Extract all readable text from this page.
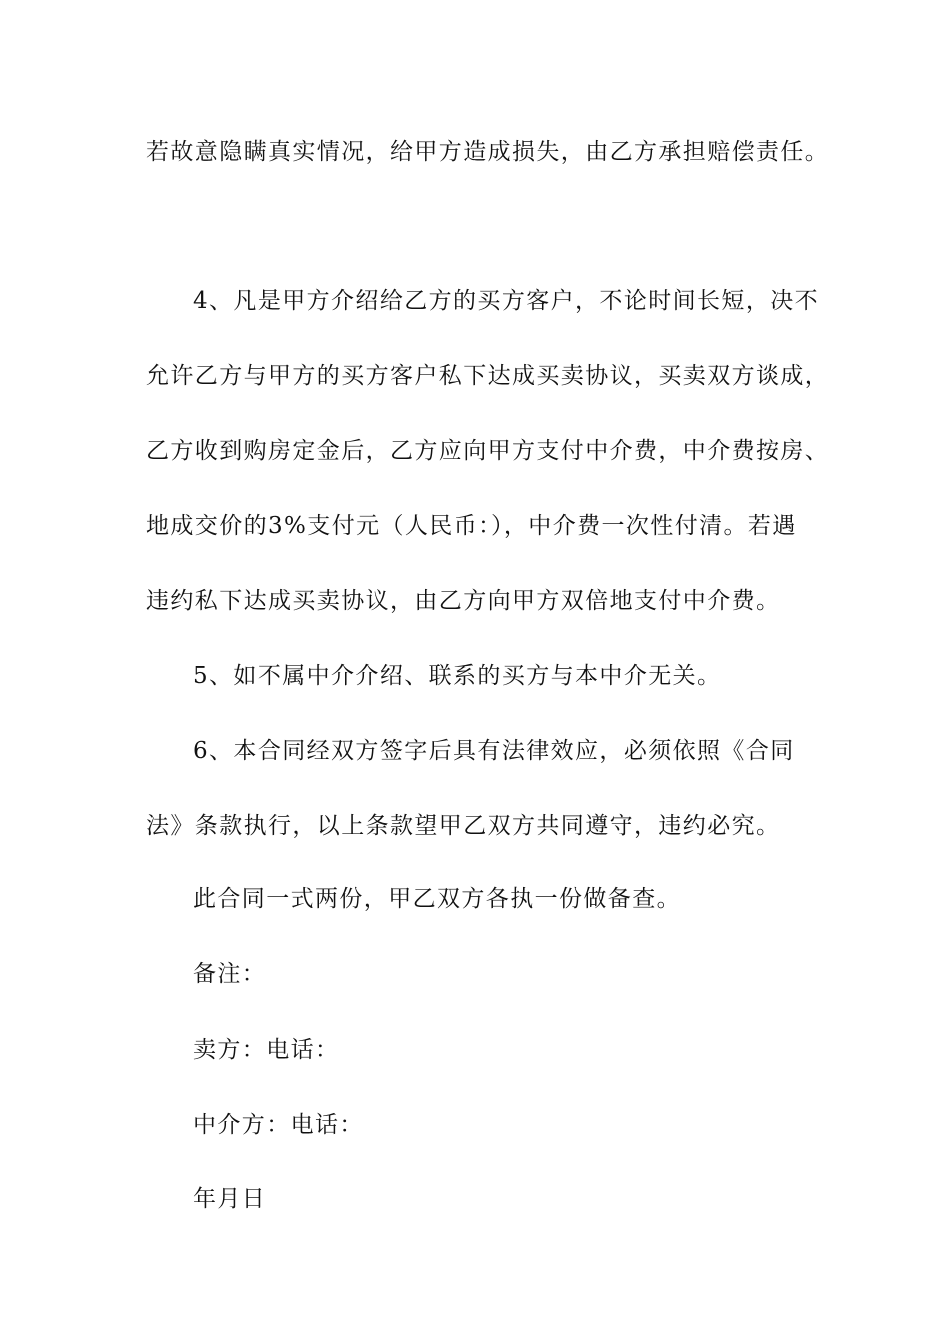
若故意隐瞒真实情况，给甲方造成损失，由乙方承担赔偿责任。
4、凡是甲方介绍给乙方的买方客户，不论时间长短，决不
允许乙方与甲方的买方客户私下达成买卖协议，买卖双方谈成，
乙方收到购房定金后，乙方应向甲方支付中介费，中介费按房、
地成交价的3%支付元（人民币：），中介费一次性付清。若遇
违约私下达成买卖协议，由乙方向甲方双倍地支付中介费。
5、如不属中介介绍、联系的买方与本中介无关。
6、本合同经双方签字后具有法律效应，必须依照《合同
法》条款执行，以上条款望甲乙双方共同遵守，违约必究。
此合同一式两份，甲乙双方各执一份做备查。
备注：
卖方：电话：
中介方：电话：
年月日
